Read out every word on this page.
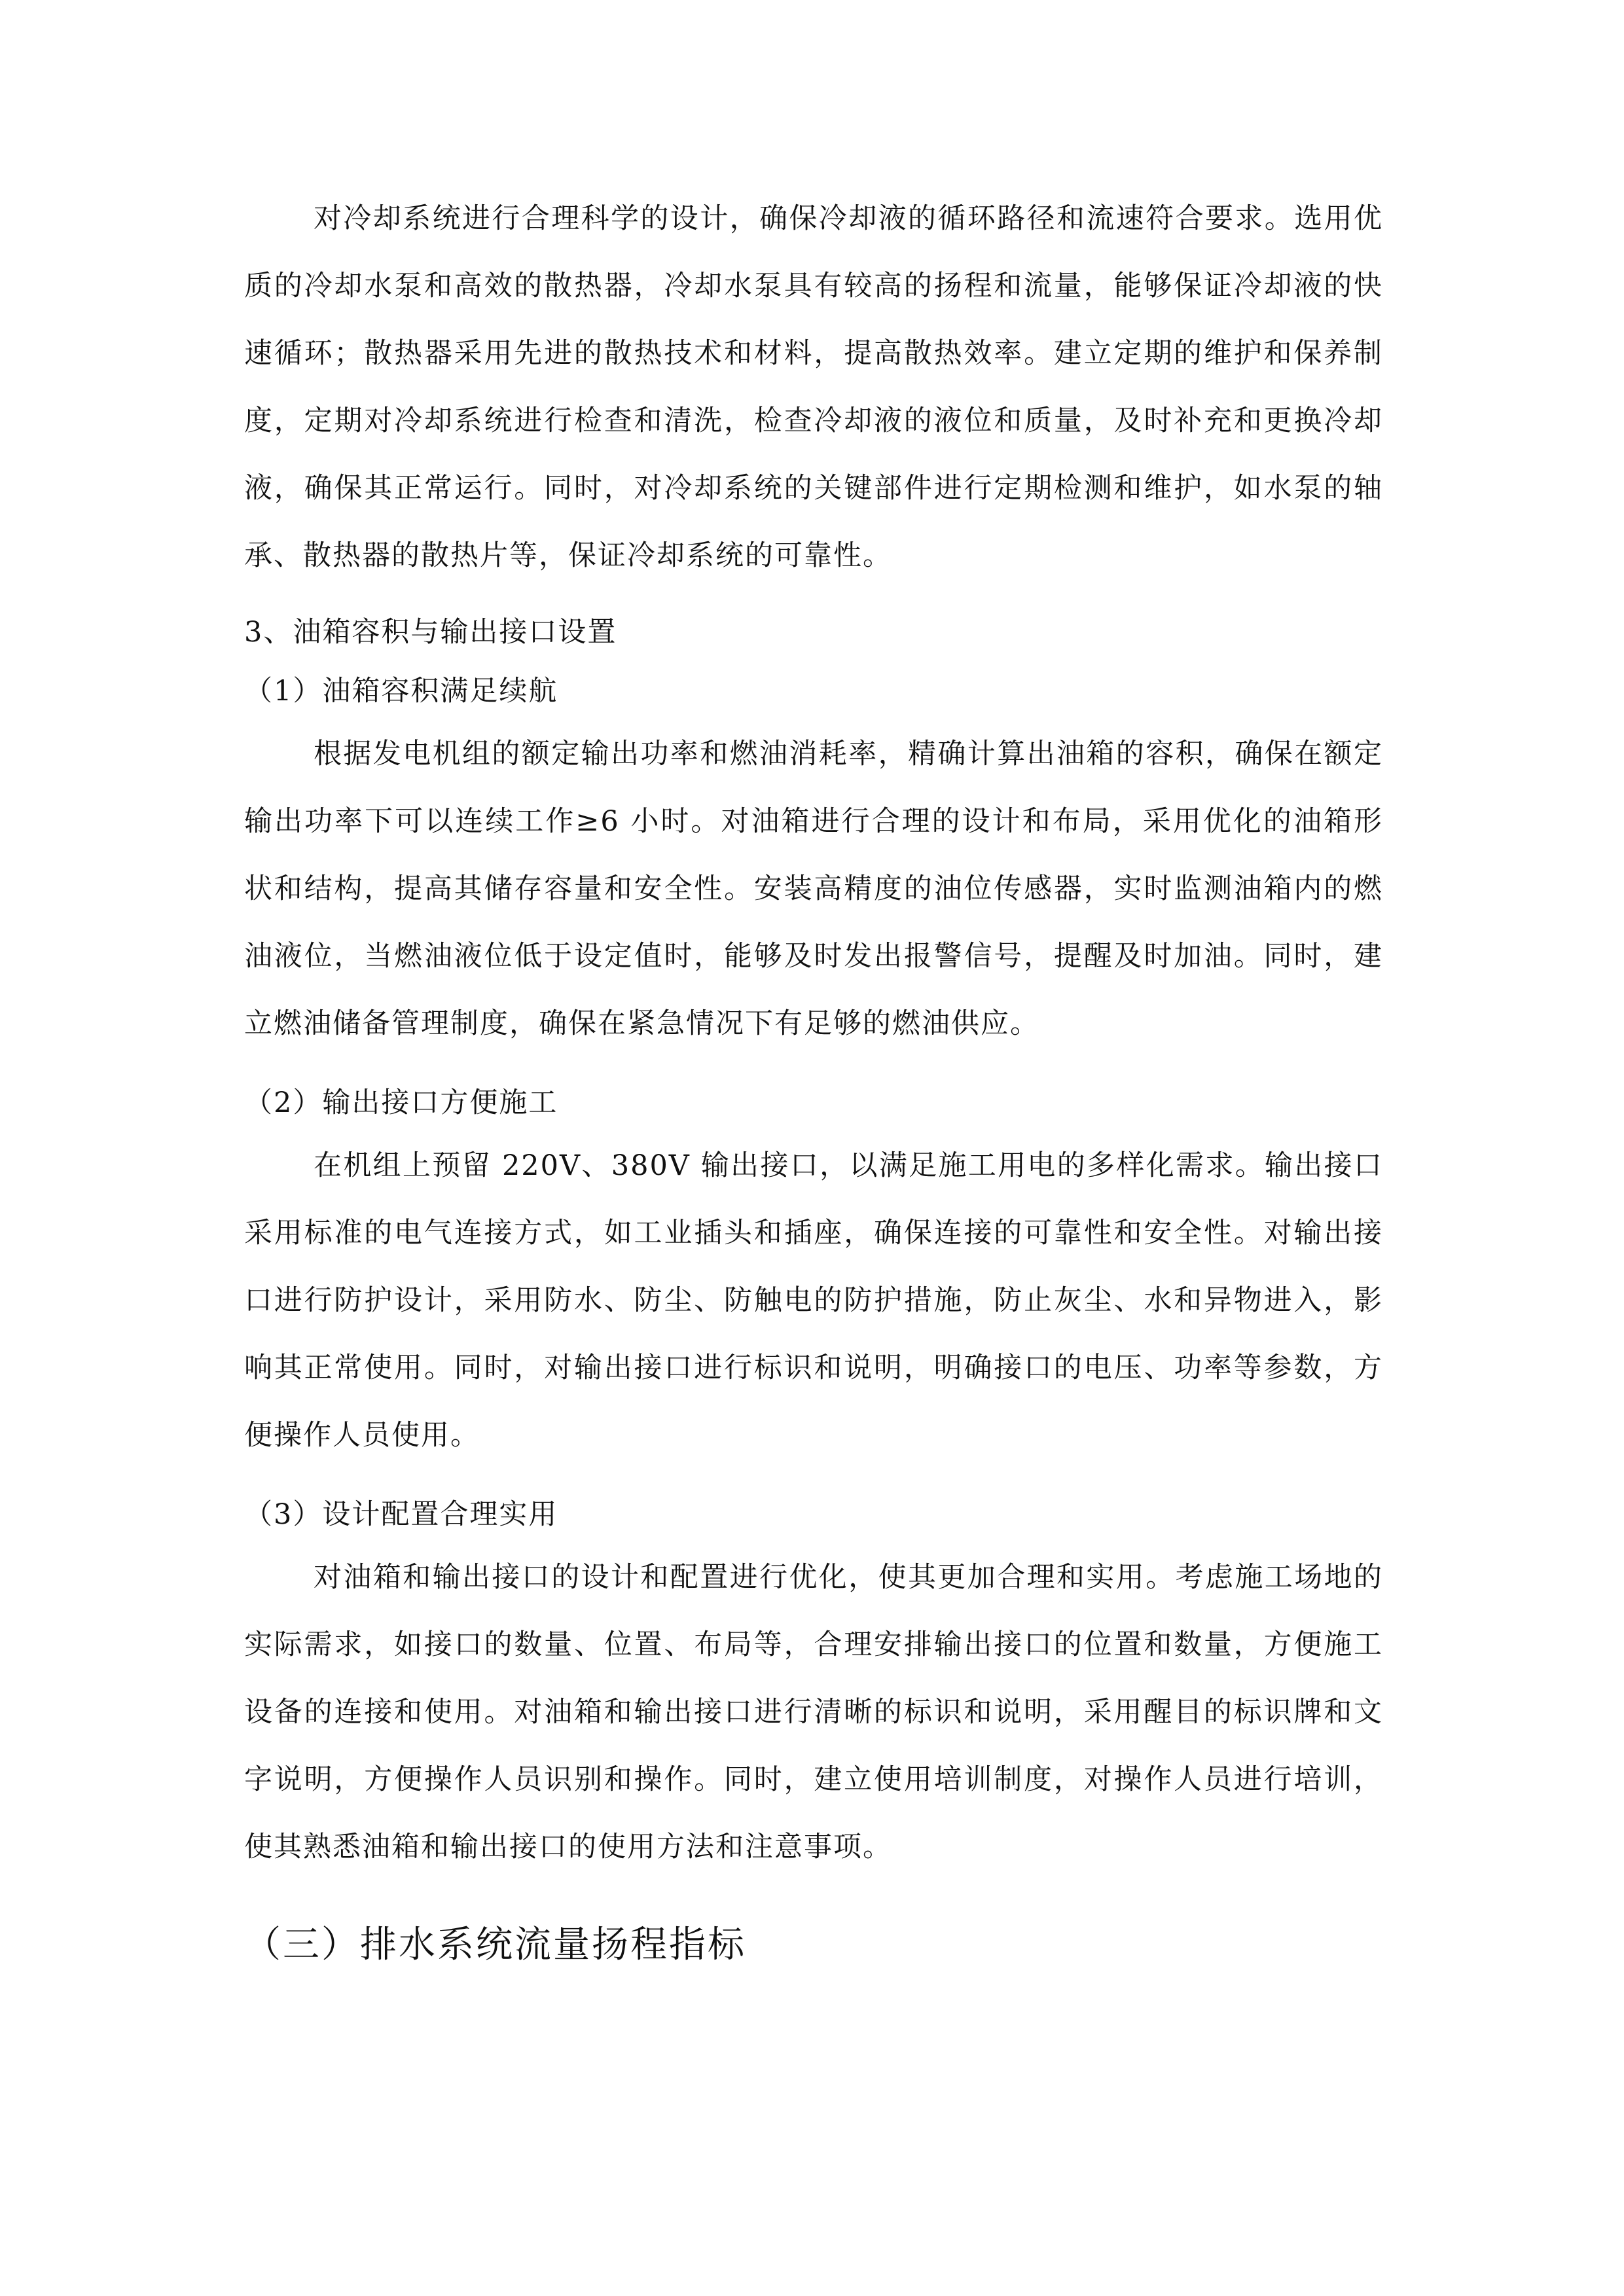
对冷却系统进行合理科学的设计，确保冷却液的循环路径和流速符合要求。选用优质的冷却水泵和高效的散热器，冷却水泵具有较高的扬程和流量，能够保证冷却液的快速循环；散热器采用先进的散热技术和材料，提高散热效率。建立定期的维护和保养制度，定期对冷却系统进行检查和清洗，检查冷却液的液位和质量，及时补充和更换冷却液，确保其正常运行。同时，对冷却系统的关键部件进行定期检测和维护，如水泵的轴承、散热器的散热片等，保证冷却系统的可靠性。

3、油箱容积与输出接口设置

（1）油箱容积满足续航

根据发电机组的额定输出功率和燃油消耗率，精确计算出油箱的容积，确保在额定输出功率下可以连续工作≥6 小时。对油箱进行合理的设计和布局，采用优化的油箱形状和结构，提高其储存容量和安全性。安装高精度的油位传感器，实时监测油箱内的燃油液位，当燃油液位低于设定值时，能够及时发出报警信号，提醒及时加油。同时，建立燃油储备管理制度，确保在紧急情况下有足够的燃油供应。

（2）输出接口方便施工

在机组上预留 220V、380V 输出接口，以满足施工用电的多样化需求。输出接口采用标准的电气连接方式，如工业插头和插座，确保连接的可靠性和安全性。对输出接口进行防护设计，采用防水、防尘、防触电的防护措施，防止灰尘、水和异物进入，影响其正常使用。同时，对输出接口进行标识和说明，明确接口的电压、功率等参数，方便操作人员使用。

（3）设计配置合理实用

对油箱和输出接口的设计和配置进行优化，使其更加合理和实用。考虑施工场地的实际需求，如接口的数量、位置、布局等，合理安排输出接口的位置和数量，方便施工设备的连接和使用。对油箱和输出接口进行清晰的标识和说明，采用醒目的标识牌和文字说明，方便操作人员识别和操作。同时，建立使用培训制度，对操作人员进行培训，使其熟悉油箱和输出接口的使用方法和注意事项。

（三）排水系统流量扬程指标
